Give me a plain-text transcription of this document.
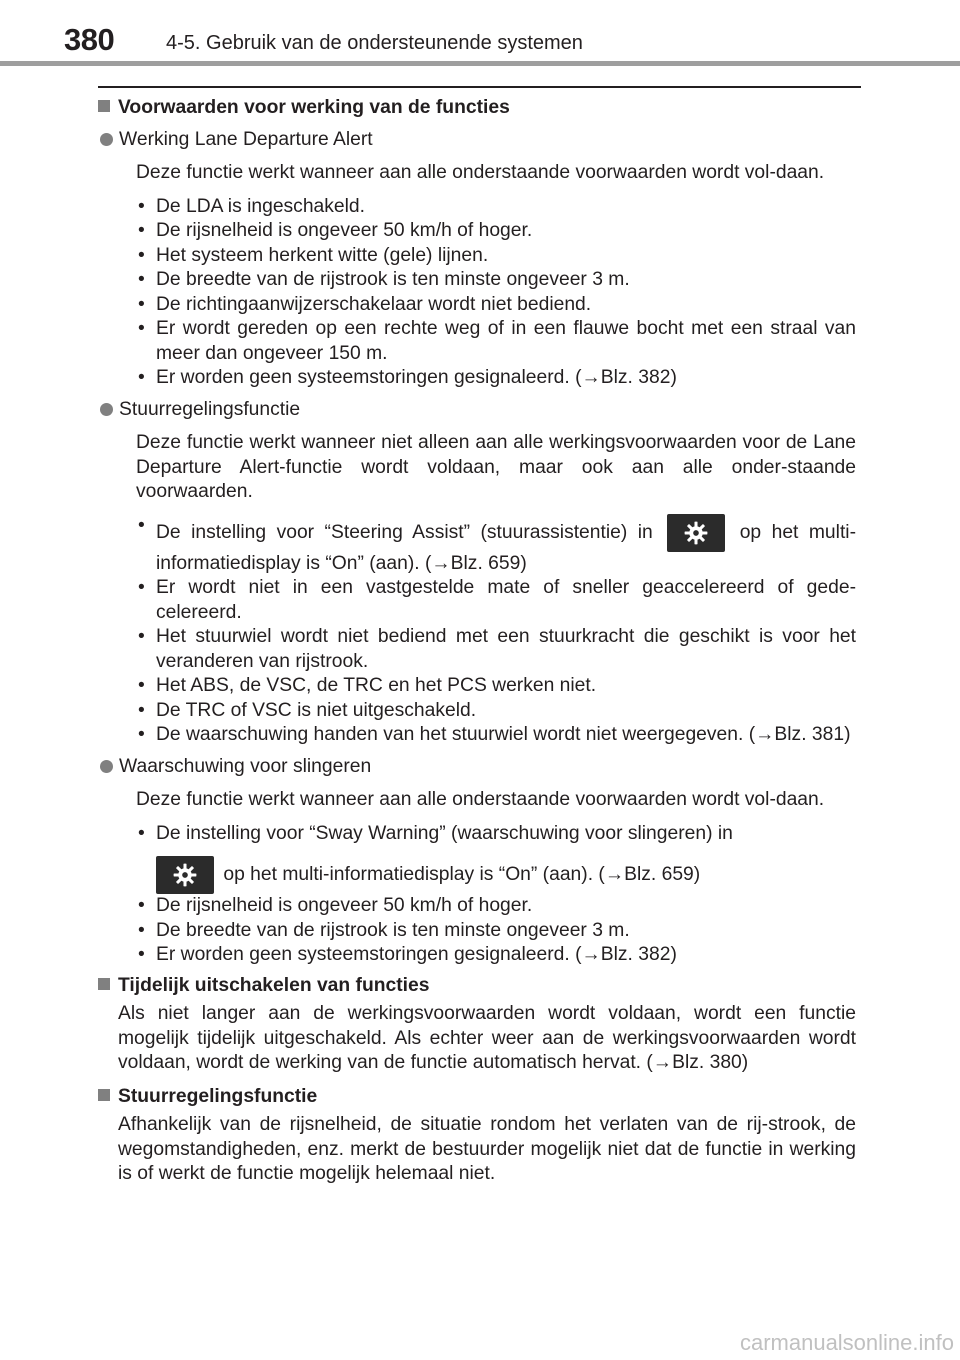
380	4-5. Gebruik van de ondersteunende systemen
Voorwaarden voor werking van de functies
Werking Lane Departure Alert
Deze functie werkt wanneer aan alle onderstaande voorwaarden wordt vol-daan.
• De LDA is ingeschakeld.
• De rijsnelheid is ongeveer 50 km/h of hoger.
• Het systeem herkent witte (gele) lijnen.
• De breedte van de rijstrook is ten minste ongeveer 3 m.
• De richtingaanwijzerschakelaar wordt niet bediend.
• Er wordt gereden op een rechte weg of in een flauwe bocht met een straal van meer dan ongeveer 150 m.
• Er worden geen systeemstoringen gesignaleerd. (→Blz. 382)
Stuurregelingsfunctie
Deze functie werkt wanneer niet alleen aan alle werkingsvoorwaarden voor de Lane Departure Alert-functie wordt voldaan, maar ook aan alle onder-staande voorwaarden.
• De instelling voor “Steering Assist” (stuurassistentie) in	op het multi-informatiedisplay is “On” (aan). (→Blz. 659)
• Er wordt niet in een vastgestelde mate of sneller geaccelereerd of gede-celereerd.
• Het stuurwiel wordt niet bediend met een stuurkracht die geschikt is voor het veranderen van rijstrook.
• Het ABS, de VSC, de TRC en het PCS werken niet.
• De TRC of VSC is niet uitgeschakeld.
• De waarschuwing handen van het stuurwiel wordt niet weergegeven. (→Blz. 381)
Waarschuwing voor slingeren
Deze functie werkt wanneer aan alle onderstaande voorwaarden wordt vol-daan.
• De instelling voor “Sway Warning” (waarschuwing voor slingeren) in
op het multi-informatiedisplay is “On” (aan). (→Blz. 659)
• De rijsnelheid is ongeveer 50 km/h of hoger.
• De breedte van de rijstrook is ten minste ongeveer 3 m.
• Er worden geen systeemstoringen gesignaleerd. (→Blz. 382)
Tijdelijk uitschakelen van functies
Als niet langer aan de werkingsvoorwaarden wordt voldaan, wordt een functie mogelijk tijdelijk uitgeschakeld. Als echter weer aan de werkingsvoorwaarden wordt voldaan, wordt de werking van de functie automatisch hervat. (→Blz. 380)
Stuurregelingsfunctie
Afhankelijk van de rijsnelheid, de situatie rondom het verlaten van de rij-strook, de wegomstandigheden, enz. merkt de bestuurder mogelijk niet dat de functie in werking is of werkt de functie mogelijk helemaal niet.
carmanualsonline.info
